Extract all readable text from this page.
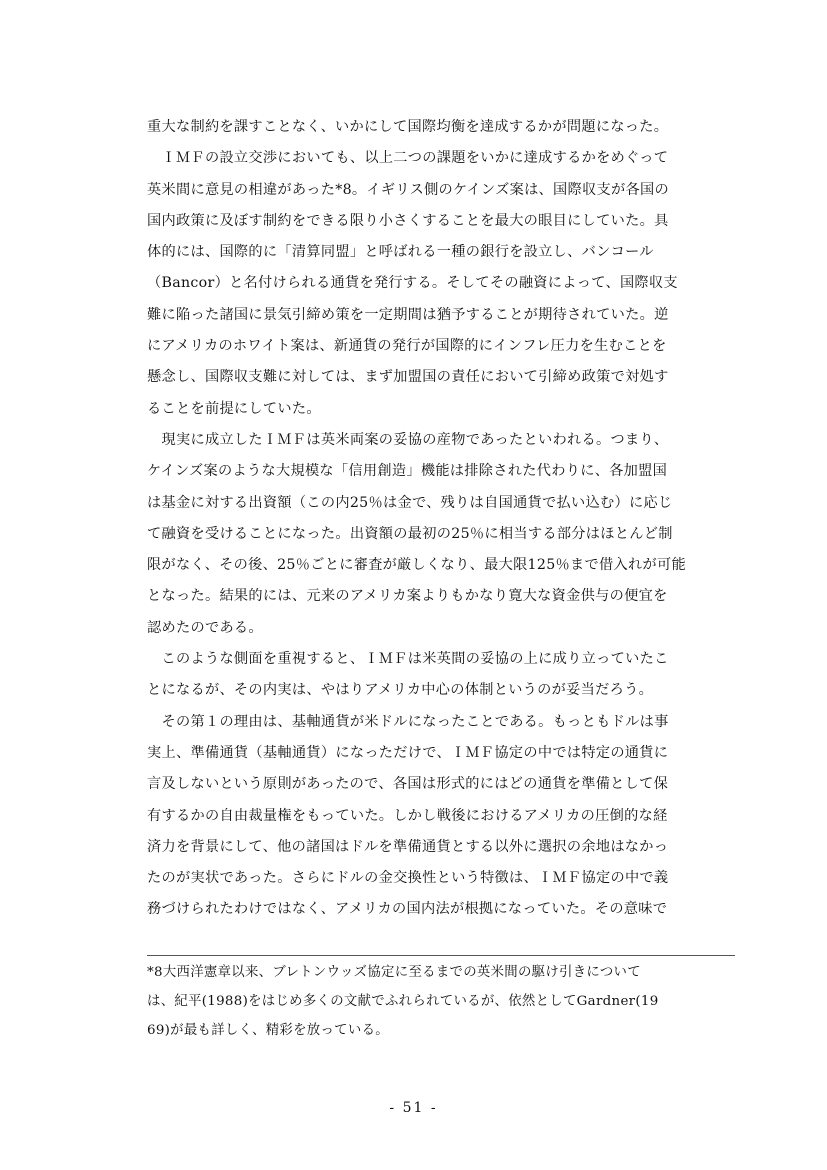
重大な制約を課すことなく、いかにして国際均衡を達成するかが問題になった。
　ＩＭＦの設立交渉においても、以上二つの課題をいかに達成するかをめぐって
英米間に意見の相違があった*8。イギリス側のケインズ案は、国際収支が各国の
国内政策に及ぼす制約をできる限り小さくすることを最大の眼目にしていた。具
体的には、国際的に「清算同盟」と呼ばれる一種の銀行を設立し、バンコール
（Bancor）と名付けられる通貨を発行する。そしてその融資によって、国際収支
難に陥った諸国に景気引締め策を一定期間は猶予することが期待されていた。逆
にアメリカのホワイト案は、新通貨の発行が国際的にインフレ圧力を生むことを
懸念し、国際収支難に対しては、まず加盟国の責任において引締め政策で対処す
ることを前提にしていた。
　現実に成立したＩＭＦは英米両案の妥協の産物であったといわれる。つまり、
ケインズ案のような大規模な「信用創造」機能は排除された代わりに、各加盟国
は基金に対する出資額（この内25％は金で、残りは自国通貨で払い込む）に応じ
て融資を受けることになった。出資額の最初の25％に相当する部分はほとんど制
限がなく、その後、25％ごとに審査が厳しくなり、最大限125％まで借入れが可能
となった。結果的には、元来のアメリカ案よりもかなり寛大な資金供与の便宜を
認めたのである。
　このような側面を重視すると、ＩＭＦは米英間の妥協の上に成り立っていたこ
とになるが、その内実は、やはりアメリカ中心の体制というのが妥当だろう。
　その第１の理由は、基軸通貨が米ドルになったことである。もっともドルは事
実上、準備通貨（基軸通貨）になっただけで、ＩＭＦ協定の中では特定の通貨に
言及しないという原則があったので、各国は形式的にはどの通貨を準備として保
有するかの自由裁量権をもっていた。しかし戦後におけるアメリカの圧倒的な経
済力を背景にして、他の諸国はドルを準備通貨とする以外に選択の余地はなかっ
たのが実状であった。さらにドルの金交換性という特徴は、ＩＭＦ協定の中で義
務づけられたわけではなく、アメリカの国内法が根拠になっていた。その意味で
*8大西洋憲章以来、ブレトンウッズ協定に至るまでの英米間の駆け引きについて
は、紀平(1988)をはじめ多くの文献でふれられているが、依然としてGardner(19
69)が最も詳しく、精彩を放っている。
- 51 -
